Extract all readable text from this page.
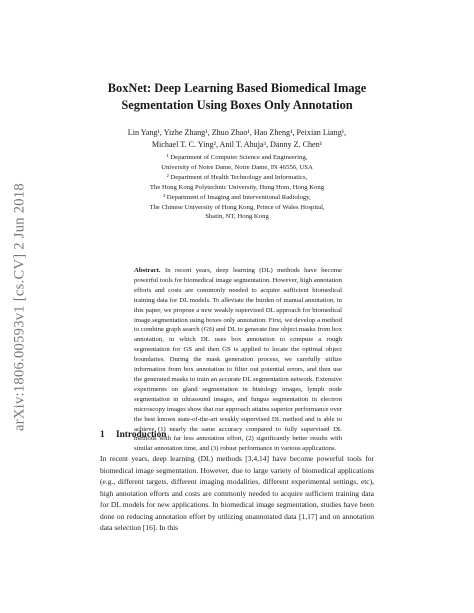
arXiv:1806.00593v1 [cs.CV] 2 Jun 2018
BoxNet: Deep Learning Based Biomedical Image
Segmentation Using Boxes Only Annotation
Lin Yang¹, Yizhe Zhang¹, Zhuo Zhao¹, Hao Zheng¹, Peixian Liang¹,
Michael T. C. Ying², Anil T. Ahuja³, Danny Z. Chen¹
¹ Department of Computer Science and Engineering,
University of Notre Dame, Notre Dame, IN 46556, USA
² Department of Health Technology and Informatics,
The Hong Kong Polytechnic University, Hung Hom, Hong Kong
³ Department of Imaging and Interventional Radiology,
The Chinese University of Hong Kong, Prince of Wales Hospital,
Shatin, NT, Hong Kong
Abstract. In recent years, deep learning (DL) methods have become powerful tools for biomedical image segmentation. However, high annotation efforts and costs are commonly needed to acquire sufficient biomedical training data for DL models. To alleviate the burden of manual annotation, in this paper, we propose a new weakly supervised DL approach for biomedical image segmentation using boxes only annotation. First, we develop a method to combine graph search (GS) and DL to generate fine object masks from box annotation, in which DL uses box annotation to compute a rough segmentation for GS and then GS is applied to locate the optimal object boundaries. During the mask generation process, we carefully utilize information from box annotation to filter out potential errors, and then use the generated masks to train an accurate DL segmentation network. Extensive experiments on gland segmentation in histology images, lymph node segmentation in ultrasound images, and fungus segmentation in electron microscopy images show that our approach attains superior performance over the best known state-of-the-art weakly supervised DL method and is able to achieve (1) nearly the same accuracy compared to fully supervised DL methods with far less annotation effort, (2) significantly better results with similar annotation time, and (3) robust performance in various applications.
1 Introduction
In recent years, deep learning (DL) methods [3,4,14] have become powerful tools for biomedical image segmentation. However, due to large variety of biomedical applications (e.g., different targets, different imaging modalities, different experimental settings, etc), high annotation efforts and costs are commonly needed to acquire sufficient training data for DL models for new applications. In biomedical image segmentation, studies have been done on reducing annotation effort by utilizing unannotated data [1,17] and on annotation data selection [16]. In this
